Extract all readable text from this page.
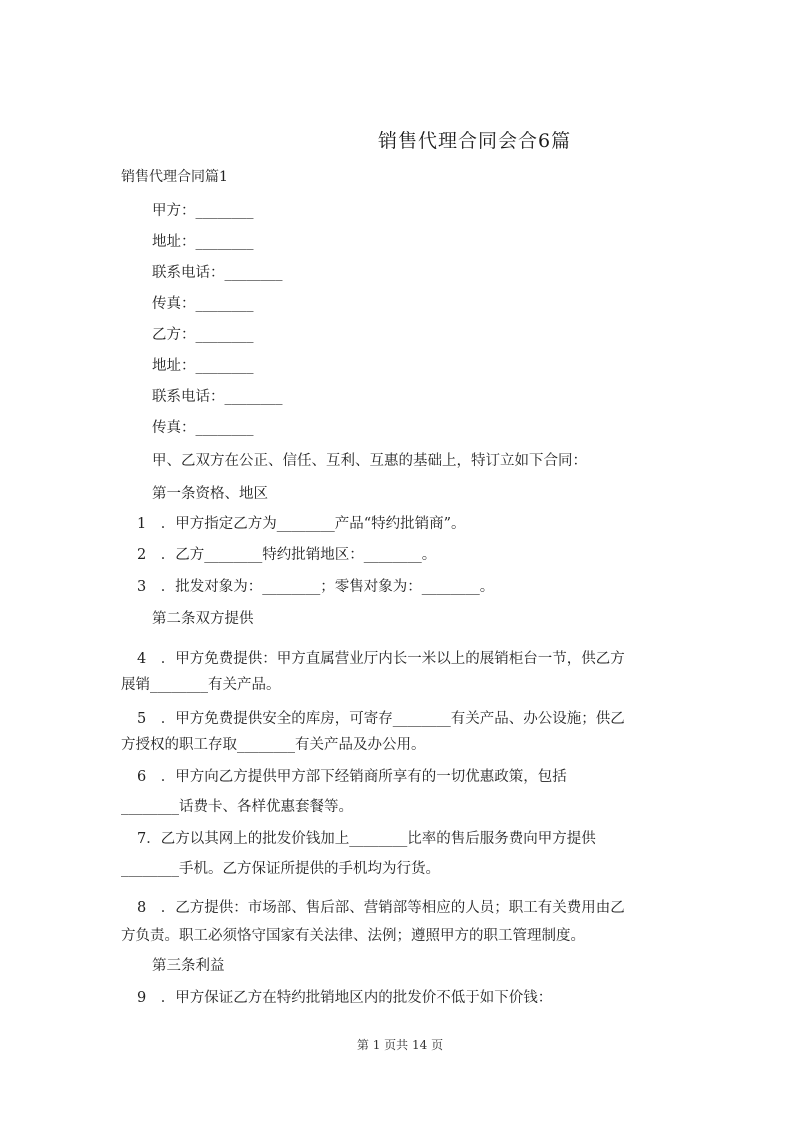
销售代理合同会合6篇
销售代理合同篇1
甲方：________
地址：________
联系电话：________
传真：________
乙方：________
地址：________
联系电话：________
传真：________
甲、乙双方在公正、信任、互利、互惠的基础上，特订立如下合同：
第一条资格、地区
1　．甲方指定乙方为________产品“特约批销商”。
2　．乙方________特约批销地区：________。
3　．批发对象为：________；零售对象为：________。
第二条双方提供
4　．甲方免费提供：甲方直属营业厅内长一米以上的展销柜台一节，供乙方
展销________有关产品。
5　．甲方免费提供安全的库房，可寄存________有关产品、办公设施；供乙
方授权的职工存取________有关产品及办公用。
6　．甲方向乙方提供甲方部下经销商所享有的一切优惠政策，包括
________话费卡、各样优惠套餐等。
7．乙方以其网上的批发价钱加上________比率的售后服务费向甲方提供
________手机。乙方保证所提供的手机均为行货。
8　．乙方提供：市场部、售后部、营销部等相应的人员；职工有关费用由乙
方负责。职工必须恪守国家有关法律、法例；遵照甲方的职工管理制度。
第三条利益
9　．甲方保证乙方在特约批销地区内的批发价不低于如下价钱：
第 1 页共 14 页
